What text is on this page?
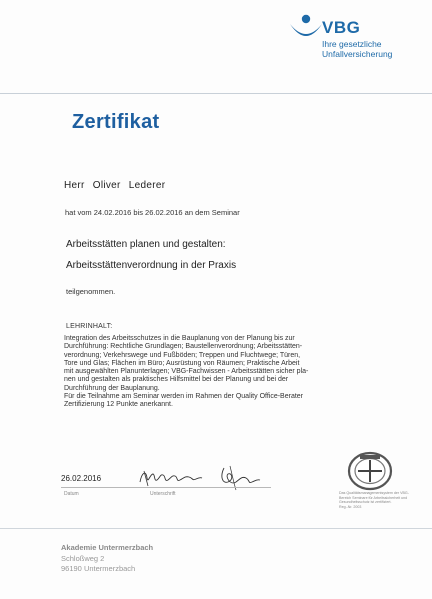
VBG
Ihre gesetzliche
Unfallversicherung
Zertifikat
Herr Oliver Lederer
hat vom 24.02.2016 bis 26.02.2016 an dem Seminar
Arbeitsstätten planen und gestalten:
Arbeitsstättenverordnung in der Praxis
teilgenommen.
LEHRINHALT:
Integration des Arbeitsschutzes in die Bauplanung von der Planung bis zur
Durchführung: Rechtliche Grundlagen; Baustellenverordnung; Arbeitsstätten-
verordnung; Verkehrswege und Fußböden; Treppen und Fluchtwege; Türen,
Tore und Glas; Flächen im Büro; Ausrüstung von Räumen; Praktische Arbeit
mit ausgewählten Planunterlagen; VBG-Fachwissen - Arbeitsstätten sicher pla-
nen und gestalten als praktisches Hilfsmittel bei der Planung und bei der
Durchführung der Bauplanung.
Für die Teilnahme am Seminar werden im Rahmen der Quality Office-Berater
Zertifizierung 12 Punkte anerkannt.
26.02.2016
Datum	Unterschrift	Das Qualitätsmanagementsystem der VBG-
Bereich Seminare für Arbeitssicherheit und
Gesundheitsschutz ist zertifiziert.
Reg.-Nr. 2003
Akademie Untermerzbach
Schloßweg 2
96190 Untermerzbach
